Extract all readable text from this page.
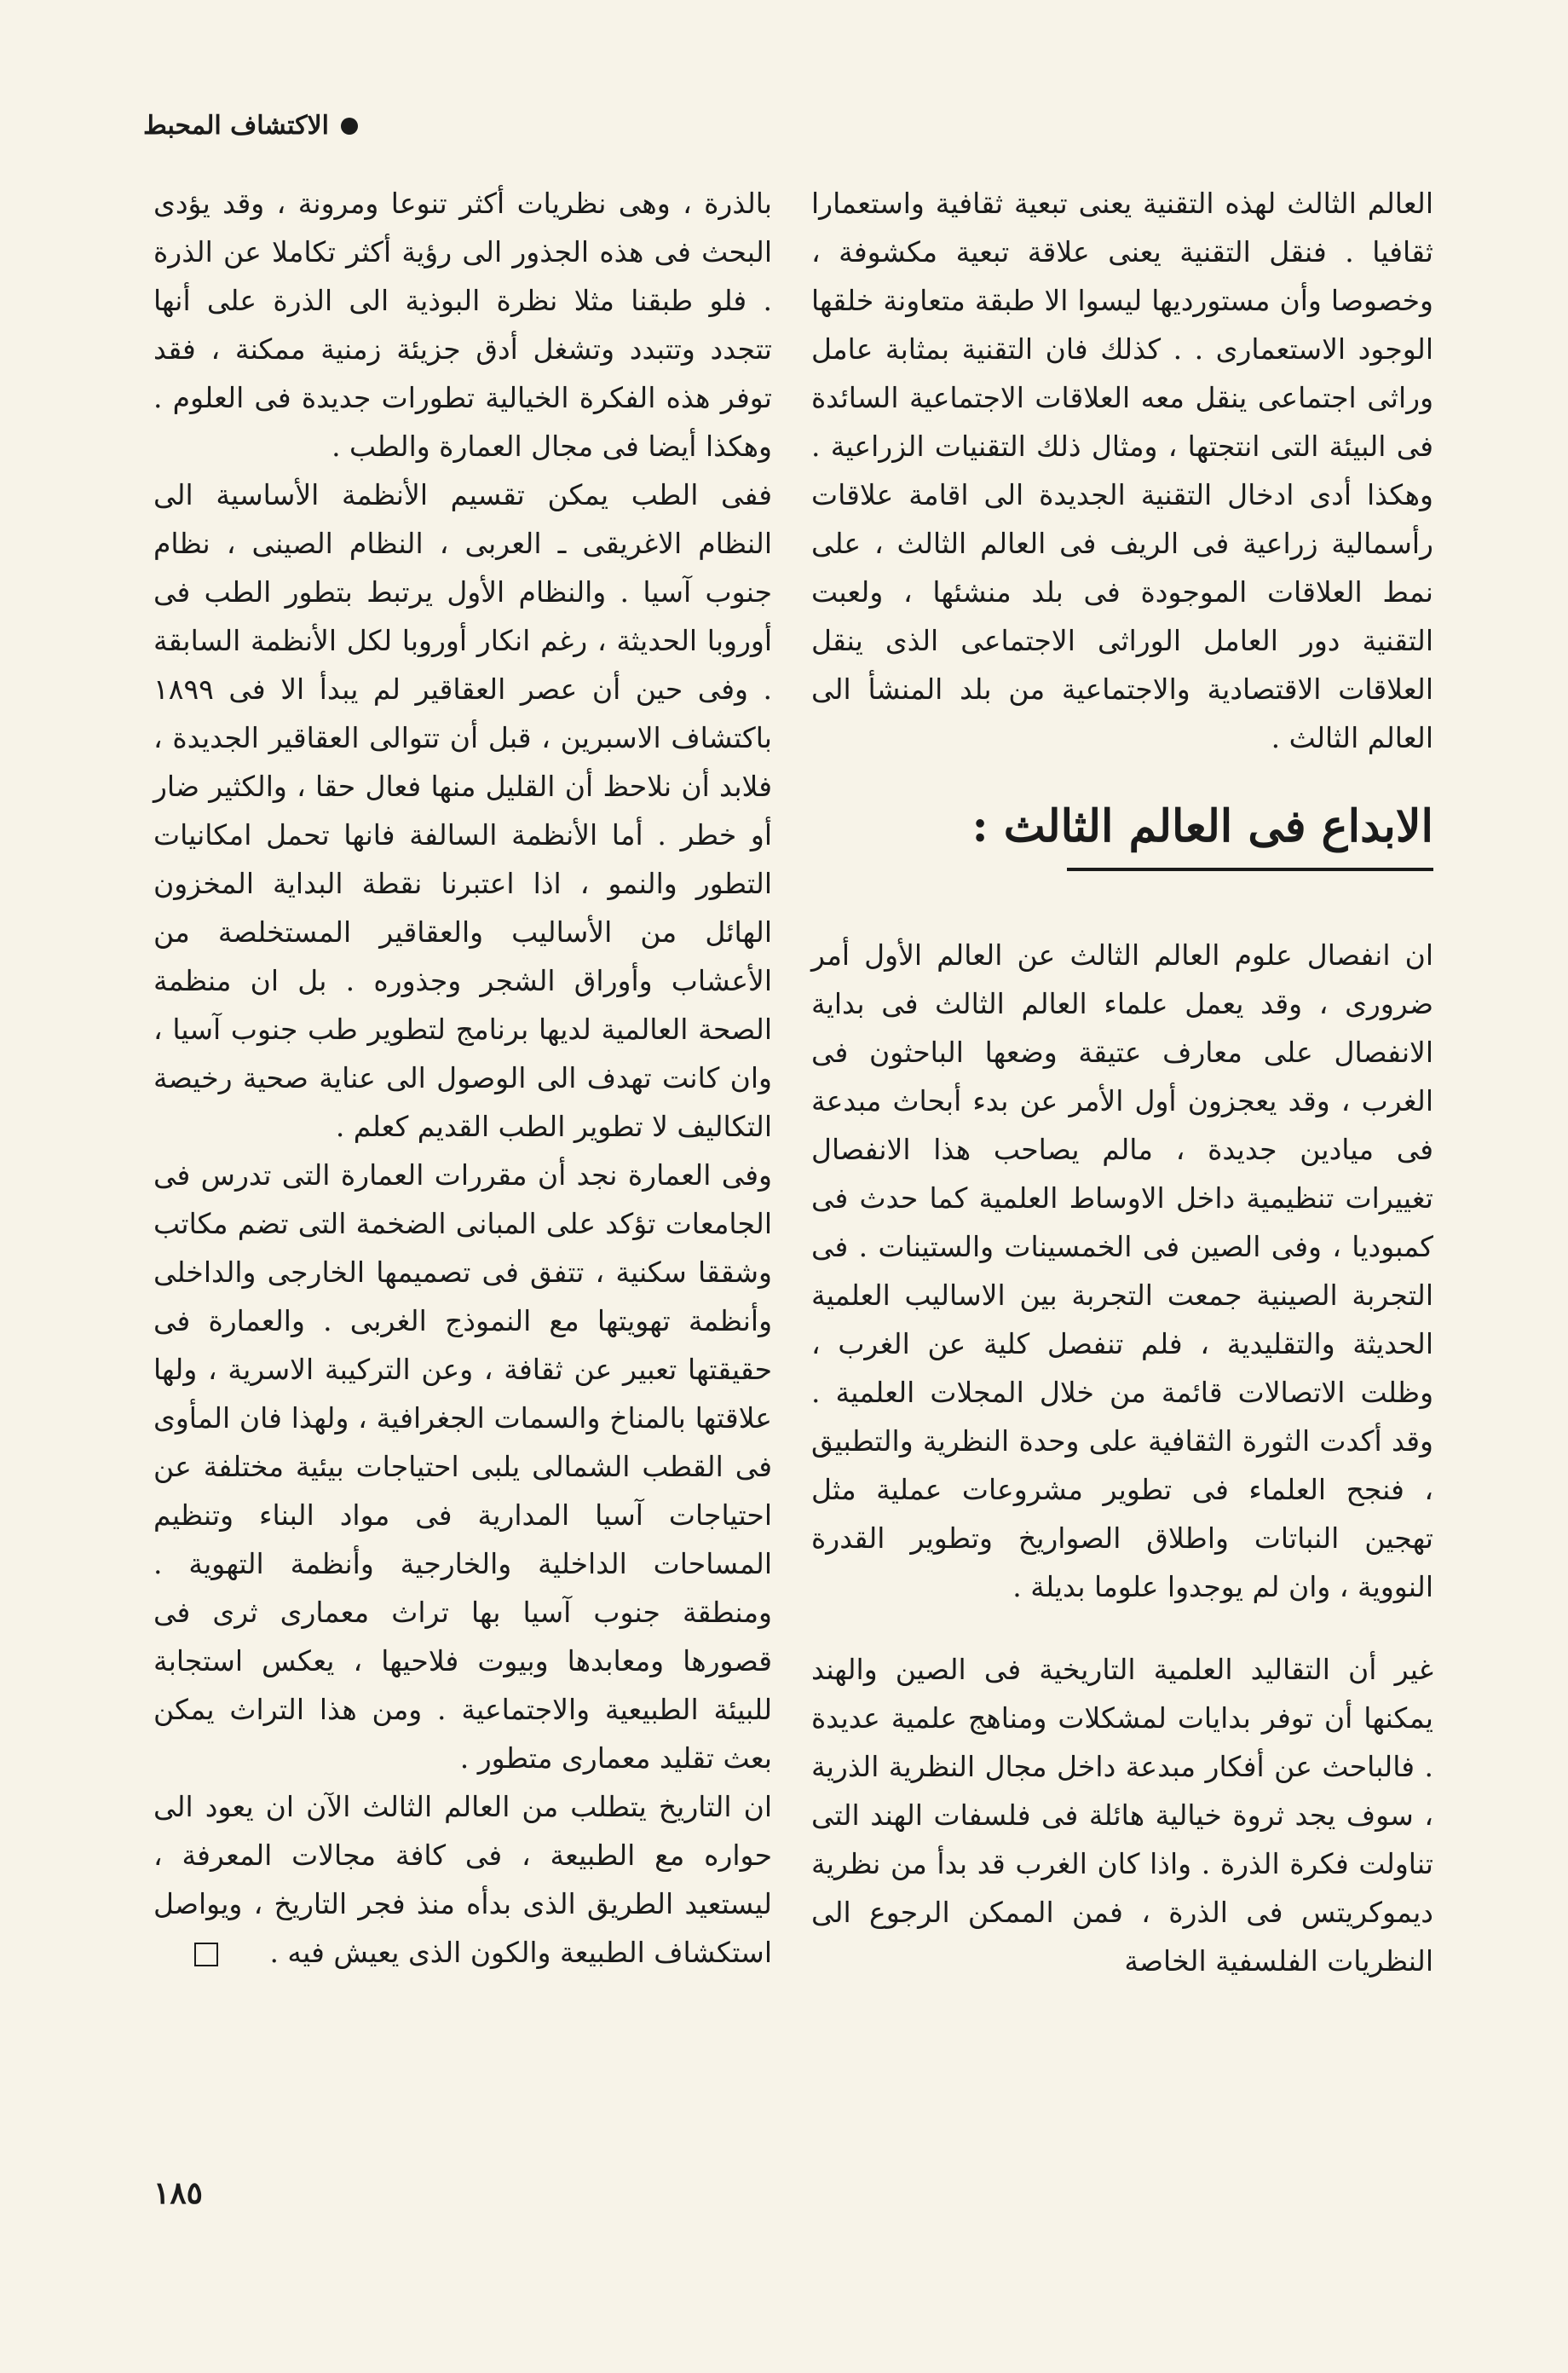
الاكتشاف المحبط

العالم الثالث لهذه التقنية يعنى تبعية ثقافية واستعمارا ثقافيا . فنقل التقنية يعنى علاقة تبعية مكشوفة ، وخصوصا وأن مستورديها ليسوا الا طبقة متعاونة خلقها الوجود الاستعمارى . . كذلك فان التقنية بمثابة عامل وراثى اجتماعى ينقل معه العلاقات الاجتماعية السائدة فى البيئة التى انتجتها ، ومثال ذلك التقنيات الزراعية . وهكذا أدى ادخال التقنية الجديدة الى اقامة علاقات رأسمالية زراعية فى الريف فى العالم الثالث ، على نمط العلاقات الموجودة فى بلد منشئها ، ولعبت التقنية دور العامل الوراثى الاجتماعى الذى ينقل العلاقات الاقتصادية والاجتماعية من بلد المنشأ الى العالم الثالث .

الابداع فى العالم الثالث :

ان انفصال علوم العالم الثالث عن العالم الأول أمر ضرورى ، وقد يعمل علماء العالم الثالث فى بداية الانفصال على معارف عتيقة وضعها الباحثون فى الغرب ، وقد يعجزون أول الأمر عن بدء أبحاث مبدعة فى ميادين جديدة ، مالم يصاحب هذا الانفصال تغييرات تنظيمية داخل الاوساط العلمية كما حدث فى كمبوديا ، وفى الصين فى الخمسينات والستينات . فى التجربة الصينية جمعت التجربة بين الاساليب العلمية الحديثة والتقليدية ، فلم تنفصل كلية عن الغرب ، وظلت الاتصالات قائمة من خلال المجلات العلمية . وقد أكدت الثورة الثقافية على وحدة النظرية والتطبيق ، فنجح العلماء فى تطوير مشروعات عملية مثل تهجين النباتات واطلاق الصواريخ وتطوير القدرة النووية ، وان لم يوجدوا علوما بديلة .

غير أن التقاليد العلمية التاريخية فى الصين والهند يمكنها أن توفر بدايات لمشكلات ومناهج علمية عديدة . فالباحث عن أفكار مبدعة داخل مجال النظرية الذرية ، سوف يجد ثروة خيالية هائلة فى فلسفات الهند التى تناولت فكرة الذرة . واذا كان الغرب قد بدأ من نظرية ديموكريتس فى الذرة ، فمن الممكن الرجوع الى النظريات الفلسفية الخاصة

بالذرة ، وهى نظريات أكثر تنوعا ومرونة ، وقد يؤدى البحث فى هذه الجذور الى رؤية أكثر تكاملا عن الذرة . فلو طبقنا مثلا نظرة البوذية الى الذرة على أنها تتجدد وتتبدد وتشغل أدق جزيئة زمنية ممكنة ، فقد توفر هذه الفكرة الخيالية تطورات جديدة فى العلوم . وهكذا أيضا فى مجال العمارة والطب .

ففى الطب يمكن تقسيم الأنظمة الأساسية الى النظام الاغريقى ـ العربى ، النظام الصينى ، نظام جنوب آسيا . والنظام الأول يرتبط بتطور الطب فى أوروبا الحديثة ، رغم انكار أوروبا لكل الأنظمة السابقة . وفى حين أن عصر العقاقير لم يبدأ الا فى ١٨٩٩ باكتشاف الاسبرين ، قبل أن تتوالى العقاقير الجديدة ، فلابد أن نلاحظ أن القليل منها فعال حقا ، والكثير ضار أو خطر . أما الأنظمة السالفة فانها تحمل امكانيات التطور والنمو ، اذا اعتبرنا نقطة البداية المخزون الهائل من الأساليب والعقاقير المستخلصة من الأعشاب وأوراق الشجر وجذوره . بل ان منظمة الصحة العالمية لديها برنامج لتطوير طب جنوب آسيا ، وان كانت تهدف الى الوصول الى عناية صحية رخيصة التكاليف لا تطوير الطب القديم كعلم .

وفى العمارة نجد أن مقررات العمارة التى تدرس فى الجامعات تؤكد على المبانى الضخمة التى تضم مكاتب وشققا سكنية ، تتفق فى تصميمها الخارجى والداخلى وأنظمة تهويتها مع النموذج الغربى . والعمارة فى حقيقتها تعبير عن ثقافة ، وعن التركيبة الاسرية ، ولها علاقتها بالمناخ والسمات الجغرافية ، ولهذا فان المأوى فى القطب الشمالى يلبى احتياجات بيئية مختلفة عن احتياجات آسيا المدارية فى مواد البناء وتنظيم المساحات الداخلية والخارجية وأنظمة التهوية . ومنطقة جنوب آسيا بها تراث معمارى ثرى فى قصورها ومعابدها وبيوت فلاحيها ، يعكس استجابة للبيئة الطبيعية والاجتماعية . ومن هذا التراث يمكن بعث تقليد معمارى متطور .

ان التاريخ يتطلب من العالم الثالث الآن ان يعود الى حواره مع الطبيعة ، فى كافة مجالات المعرفة ، ليستعيد الطريق الذى بدأه منذ فجر التاريخ ، ويواصل استكشاف الطبيعة والكون الذى يعيش فيه .

١٨٥
